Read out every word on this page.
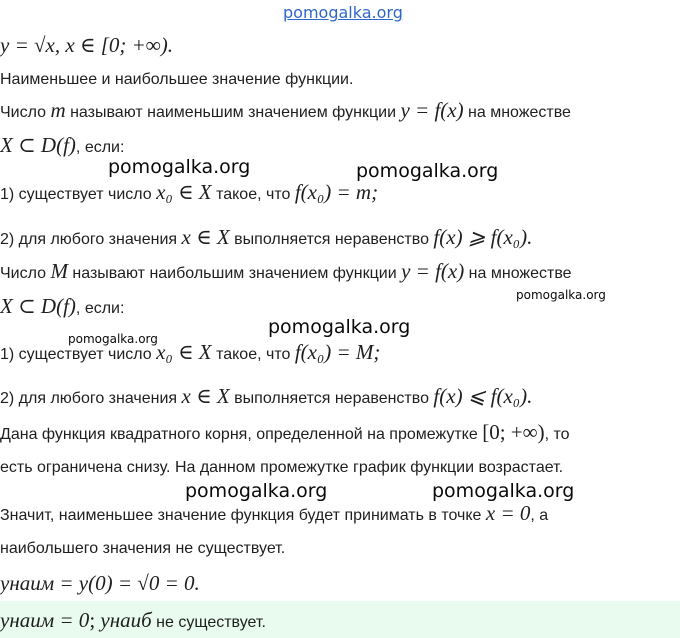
pomogalka.org
y = √x, x ∈ [0; +∞).
Наименьшее и наибольшее значение функции.
Число m называют наименьшим значением функции y = f(x) на множестве
X ⊂ D(f), если:
pomogalka.org	pomogalka.org
1) существует число x₀ ∈ X такое, что f(x₀) = m;
2) для любого значения x ∈ X выполняется неравенство f(x) ⩾ f(x₀).
Число M называют наибольшим значением функции y = f(x) на множестве
X ⊂ D(f), если:
pomogalka.org
pomogalka.org
pomogalka.org
1) существует число x₀ ∈ X такое, что f(x₀) = M;
2) для любого значения x ∈ X выполняется неравенство f(x) ⩽ f(x₀).
Дана функция квадратного корня, определенной на промежутке [0; +∞), то
есть ограничена снизу. На данном промежутке график функции возрастает.
pomogalka.org	pomogalka.org
Значит, наименьшее значение функция будет принимать в точке x = 0, а
наибольшего значения не существует.
yнаим = y(0) = √0 = 0.
yнаим = 0; yнаиб не существует.
